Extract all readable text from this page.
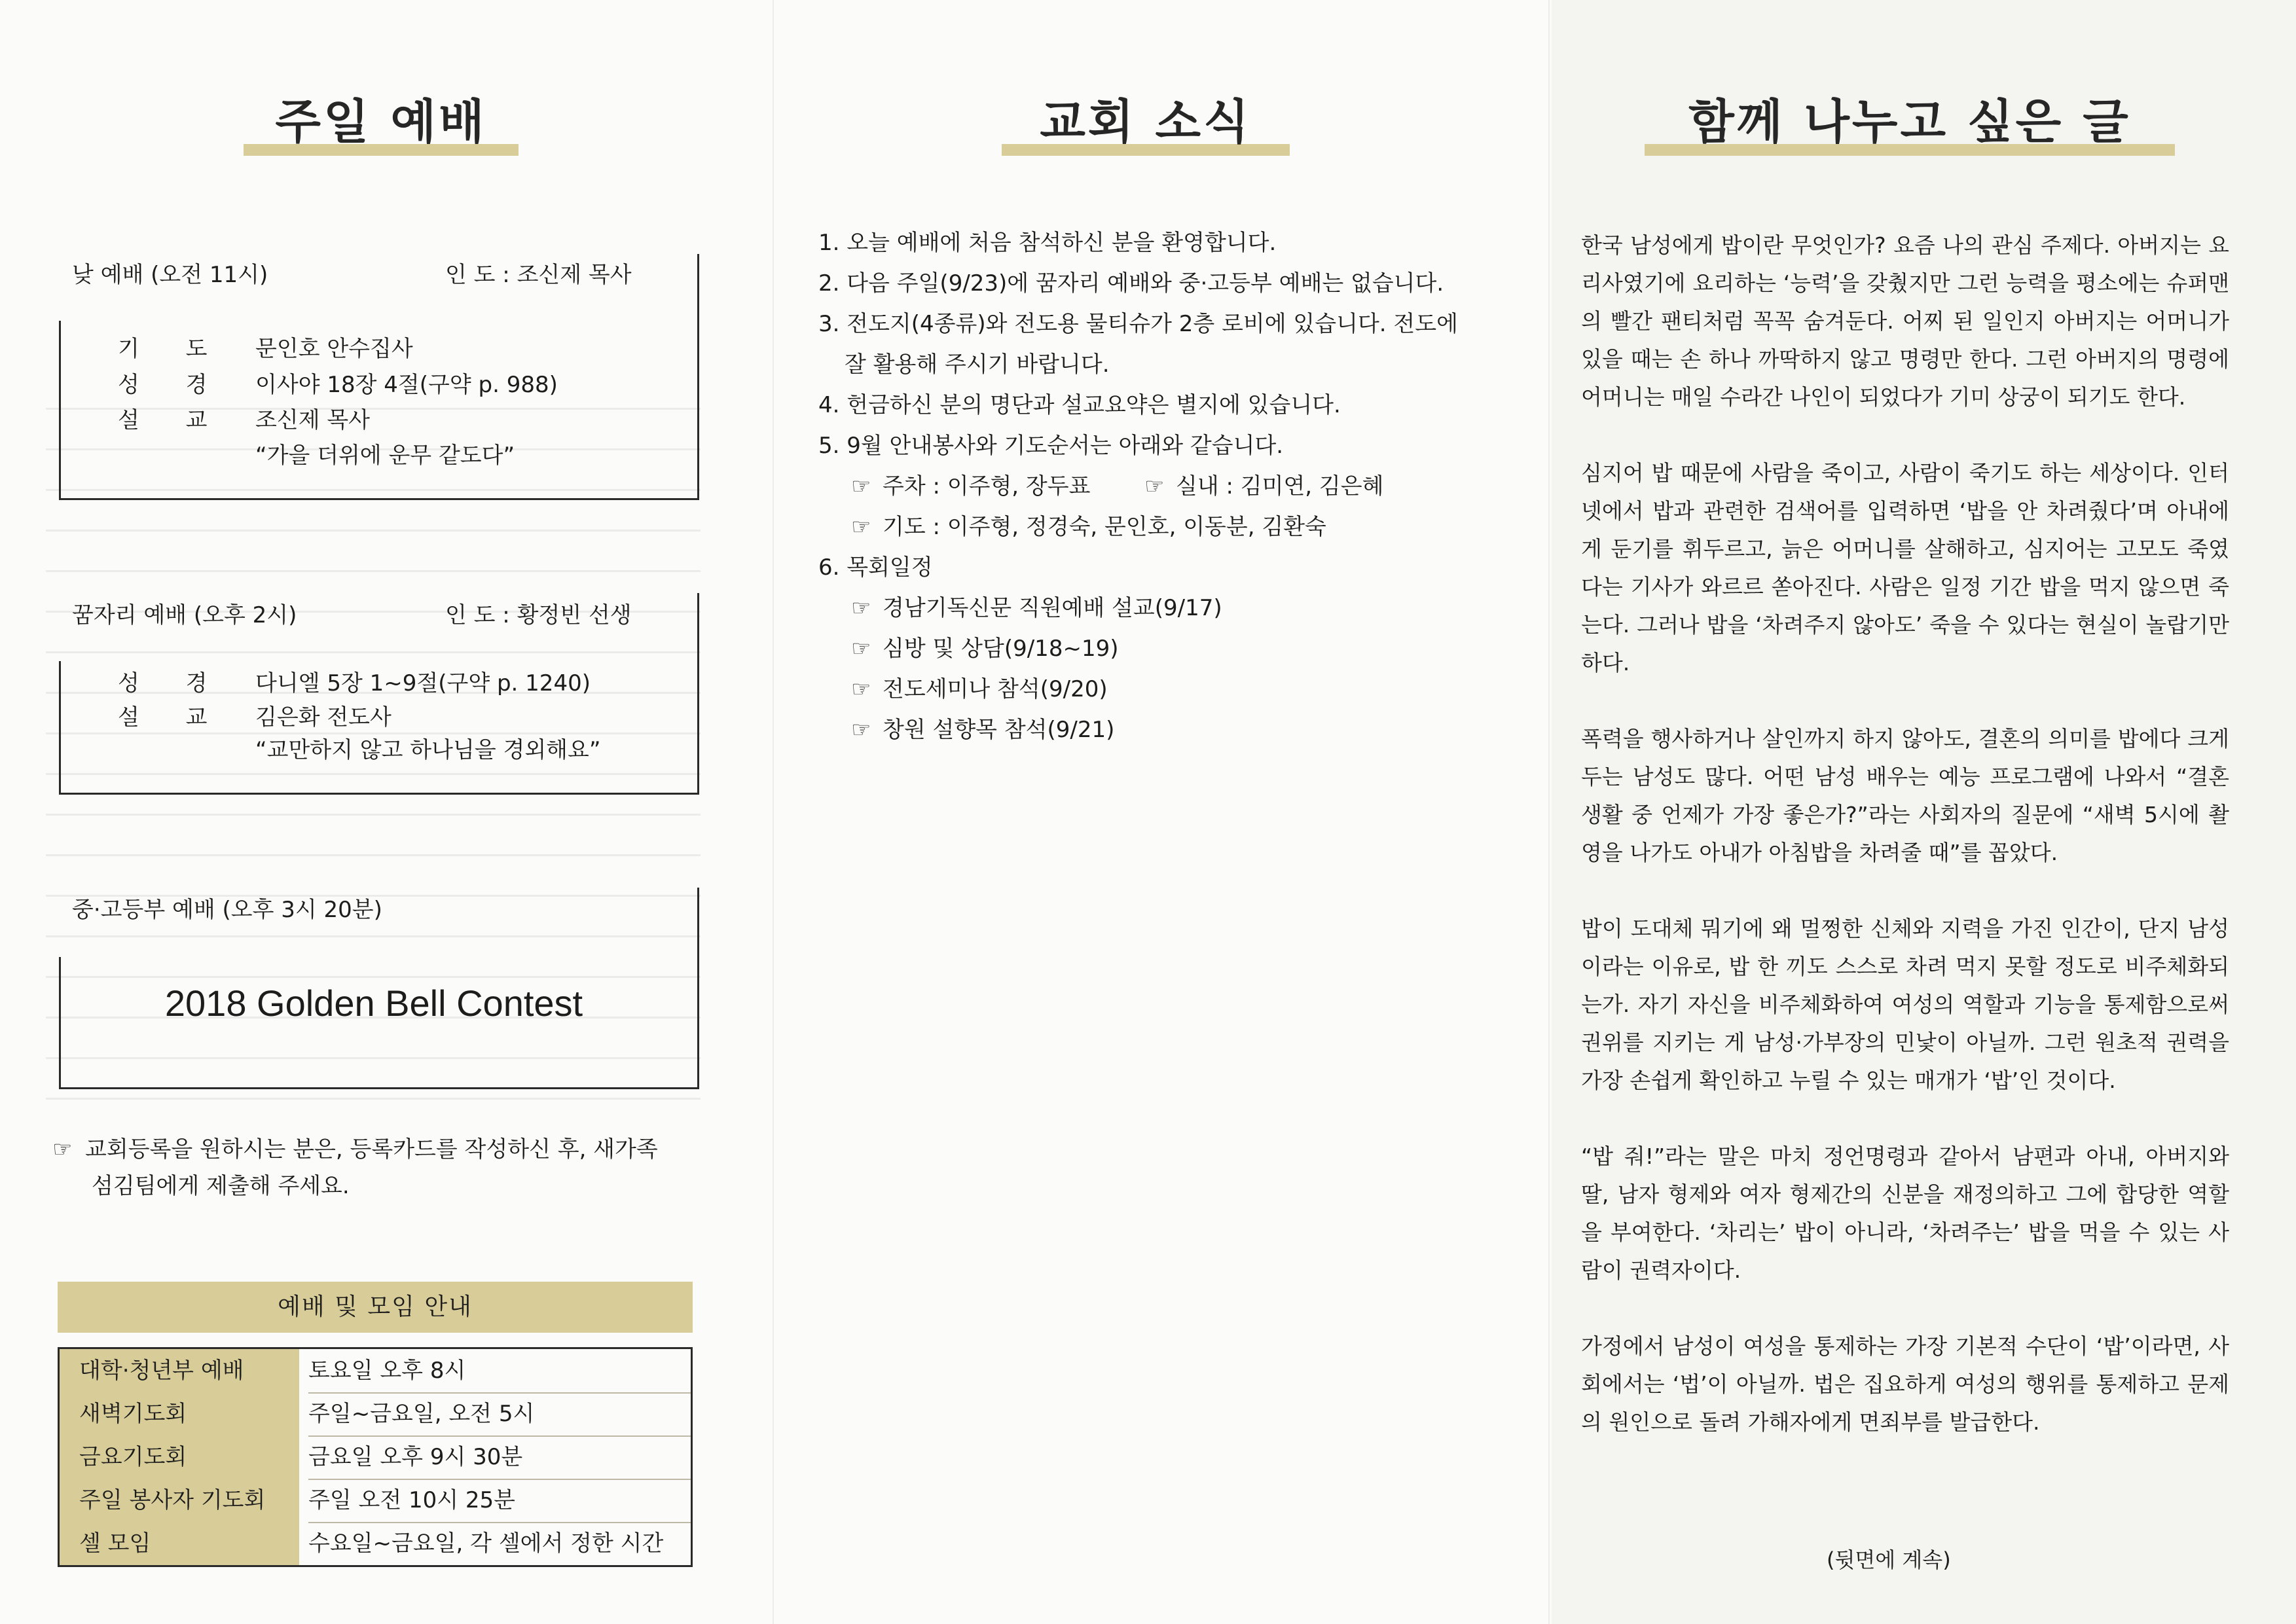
주일 예배
낮 예배 (오전 11시)	인 도 : 조신제 목사
기 도 문인호 안수집사
성 경 이사야 18장 4절(구약 p. 988)
설 교 조신제 목사
“가을 더위에 운무 같도다”
꿈자리 예배 (오후 2시)	인 도 : 황정빈 선생
성 경 다니엘 5장 1~9절(구약 p. 1240)
설 교 김은화 전도사
“교만하지 않고 하나님을 경외해요”
중·고등부 예배 (오후 3시 20분)
2018 Golden Bell Contest
☞ 교회등록을 원하시는 분은, 등록카드를 작성하신 후, 새가족
섬김팀에게 제출해 주세요.
예배 및 모임 안내
대학·청년부 예배	토요일 오후 8시
새벽기도회	주일~금요일, 오전 5시
금요기도회	금요일 오후 9시 30분
주일 봉사자 기도회	주일 오전 10시 25분
셀 모임	수요일~금요일, 각 셀에서 정한 시간
교회 소식
1. 오늘 예배에 처음 참석하신 분을 환영합니다.
2. 다음 주일(9/23)에 꿈자리 예배와 중·고등부 예배는 없습니다.
3. 전도지(4종류)와 전도용 물티슈가 2층 로비에 있습니다. 전도에
잘 활용해 주시기 바랍니다.
4. 헌금하신 분의 명단과 설교요약은 별지에 있습니다.
5. 9월 안내봉사와 기도순서는 아래와 같습니다.
☞ 주차 : 이주형, 장두표 ☞ 실내 : 김미연, 김은혜
☞ 기도 : 이주형, 정경숙, 문인호, 이동분, 김환숙
6. 목회일정
☞ 경남기독신문 직원예배 설교(9/17)
☞ 심방 및 상담(9/18~19)
☞ 전도세미나 참석(9/20)
☞ 창원 설향목 참석(9/21)
함께 나누고 싶은 글

한국 남성에게 밥이란 무엇인가? 요즘 나의 관심 주제다. 아버지는 요리사였기에 요리하는 ‘능력’을 갖췄지만 그런 능력을 평소에는 슈퍼맨의 빨간 팬티처럼 꼭꼭 숨겨둔다. 어찌 된 일인지 아버지는 어머니가 있을 때는 손 하나 까딱하지 않고 명령만 한다. 그런 아버지의 명령에 어머니는 매일 수라간 나인이 되었다가 기미 상궁이 되기도 한다.

심지어 밥 때문에 사람을 죽이고, 사람이 죽기도 하는 세상이다. 인터넷에서 밥과 관련한 검색어를 입력하면 ‘밥을 안 차려줬다’며 아내에게 둔기를 휘두르고, 늙은 어머니를 살해하고, 심지어는 고모도 죽였다는 기사가 와르르 쏟아진다. 사람은 일정 기간 밥을 먹지 않으면 죽는다. 그러나 밥을 ‘차려주지 않아도’ 죽을 수 있다는 현실이 놀랍기만 하다.

폭력을 행사하거나 살인까지 하지 않아도, 결혼의 의미를 밥에다 크게 두는 남성도 많다. 어떤 남성 배우는 예능 프로그램에 나와서 “결혼 생활 중 언제가 가장 좋은가?”라는 사회자의 질문에 “새벽 5시에 촬영을 나가도 아내가 아침밥을 차려줄 때”를 꼽았다.

밥이 도대체 뭐기에 왜 멀쩡한 신체와 지력을 가진 인간이, 단지 남성이라는 이유로, 밥 한 끼도 스스로 차려 먹지 못할 정도로 비주체화되는가. 자기 자신을 비주체화하여 여성의 역할과 기능을 통제함으로써 권위를 지키는 게 남성·가부장의 민낯이 아닐까. 그런 원초적 권력을 가장 손쉽게 확인하고 누릴 수 있는 매개가 ‘밥’인 것이다.

“밥 줘!”라는 말은 마치 정언명령과 같아서 남편과 아내, 아버지와 딸, 남자 형제와 여자 형제간의 신분을 재정의하고 그에 합당한 역할을 부여한다. ‘차리는’ 밥이 아니라, ‘차려주는’ 밥을 먹을 수 있는 사람이 권력자이다.

가정에서 남성이 여성을 통제하는 가장 기본적 수단이 ‘밥’이라면, 사회에서는 ‘법’이 아닐까. 법은 집요하게 여성의 행위를 통제하고 문제의 원인으로 돌려 가해자에게 면죄부를 발급한다.

(뒷면에 계속)
